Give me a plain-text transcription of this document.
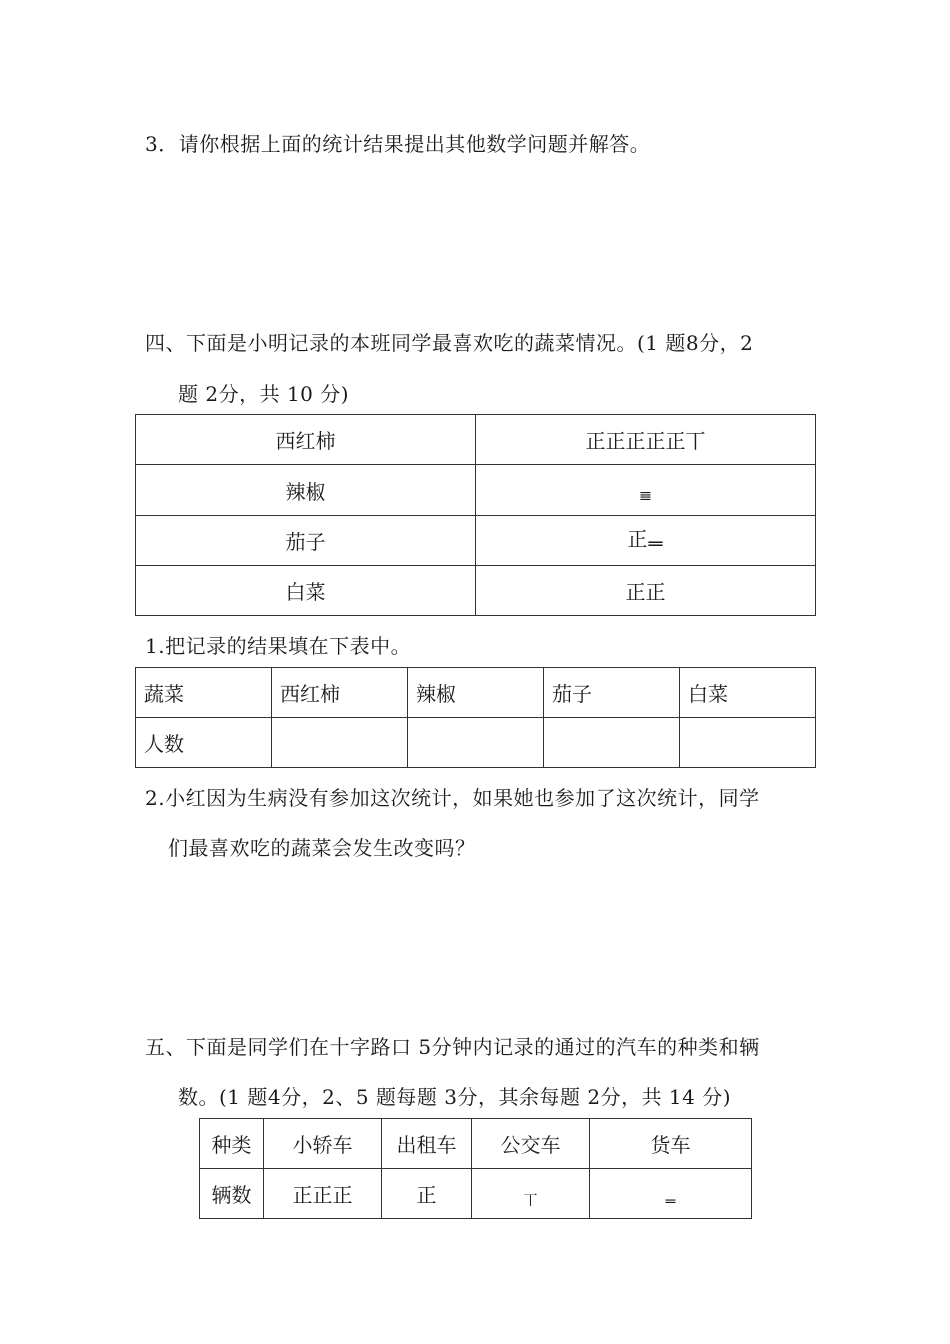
3．请你根据上面的统计结果提出其他数学问题并解答。
四、下面是小明记录的本班同学最喜欢吃的蔬菜情况。(1 题8分，2
题 2分，共 10 分)
西红柿	正正正正正丅
辣椒	𝍣
茄子	正𝍡
白菜	正正
1.把记录的结果填在下表中。
蔬菜	西红柿	辣椒	茄子	白菜
人数				
2.小红因为生病没有参加这次统计，如果她也参加了这次统计，同学
们最喜欢吃的蔬菜会发生改变吗？
五、下面是同学们在十字路口 5分钟内记录的通过的汽车的种类和辆
数。(1 题4分，2、5 题每题 3分，其余每题 2分，共 14 分)
种类	小轿车	出租车	公交车	货车
辆数	正正正	正	丅	𝍡
